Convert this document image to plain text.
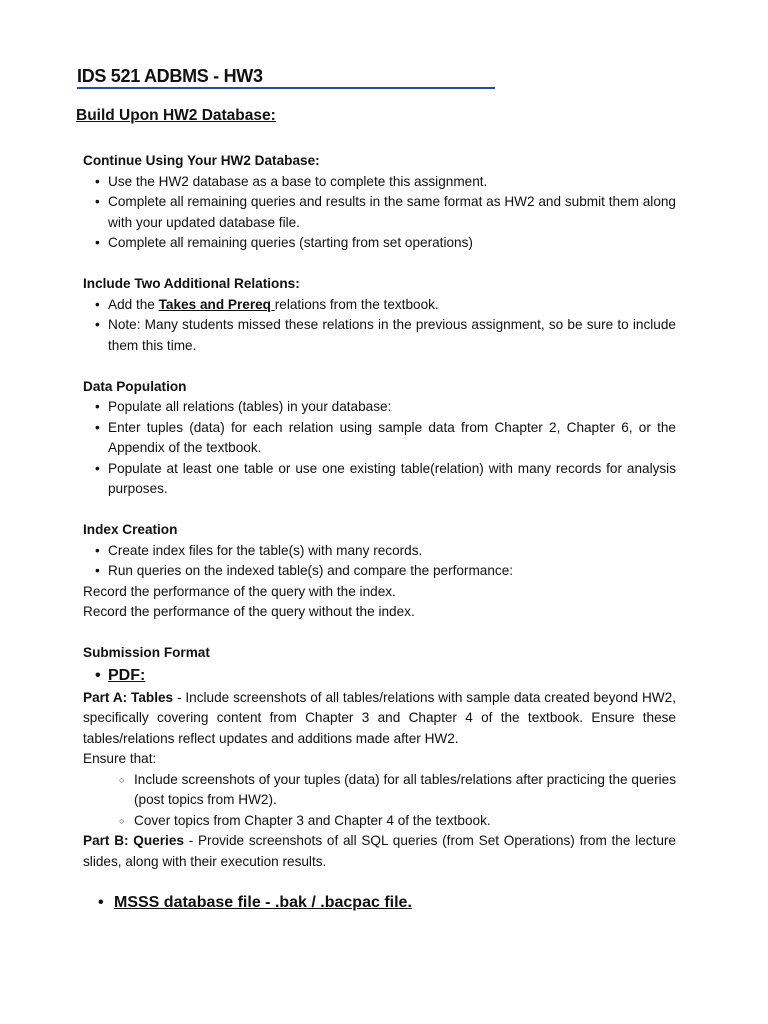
IDS 521 ADBMS - HW3
Build Upon HW2 Database:
Continue Using Your HW2 Database:
• Use the HW2 database as a base to complete this assignment.
• Complete all remaining queries and results in the same format as HW2 and submit them along with your updated database file.
• Complete all remaining queries (starting from set operations)
Include Two Additional Relations:
• Add the Takes and Prereq relations from the textbook.
• Note: Many students missed these relations in the previous assignment, so be sure to include them this time.
Data Population
• Populate all relations (tables) in your database:
• Enter tuples (data) for each relation using sample data from Chapter 2, Chapter 6, or the Appendix of the textbook.
• Populate at least one table or use one existing table(relation) with many records for analysis purposes.
Index Creation
• Create index files for the table(s) with many records.
• Run queries on the indexed table(s) and compare the performance:

Record the performance of the query with the index.

Record the performance of the query without the index.

Submission Format
• PDF:

Part A: Tables - Include screenshots of all tables/relations with sample data created beyond HW2, specifically covering content from Chapter 3 and Chapter 4 of the textbook. Ensure these tables/relations reflect updates and additions made after HW2.

Ensure that:

○ Include screenshots of your tuples (data) for all tables/relations after practicing the queries (post topics from HW2).
○ Cover topics from Chapter 3 and Chapter 4 of the textbook.

Part B: Queries - Provide screenshots of all SQL queries (from Set Operations) from the lecture slides, along with their execution results.

• MSSS database file - .bak / .bacpac file.
